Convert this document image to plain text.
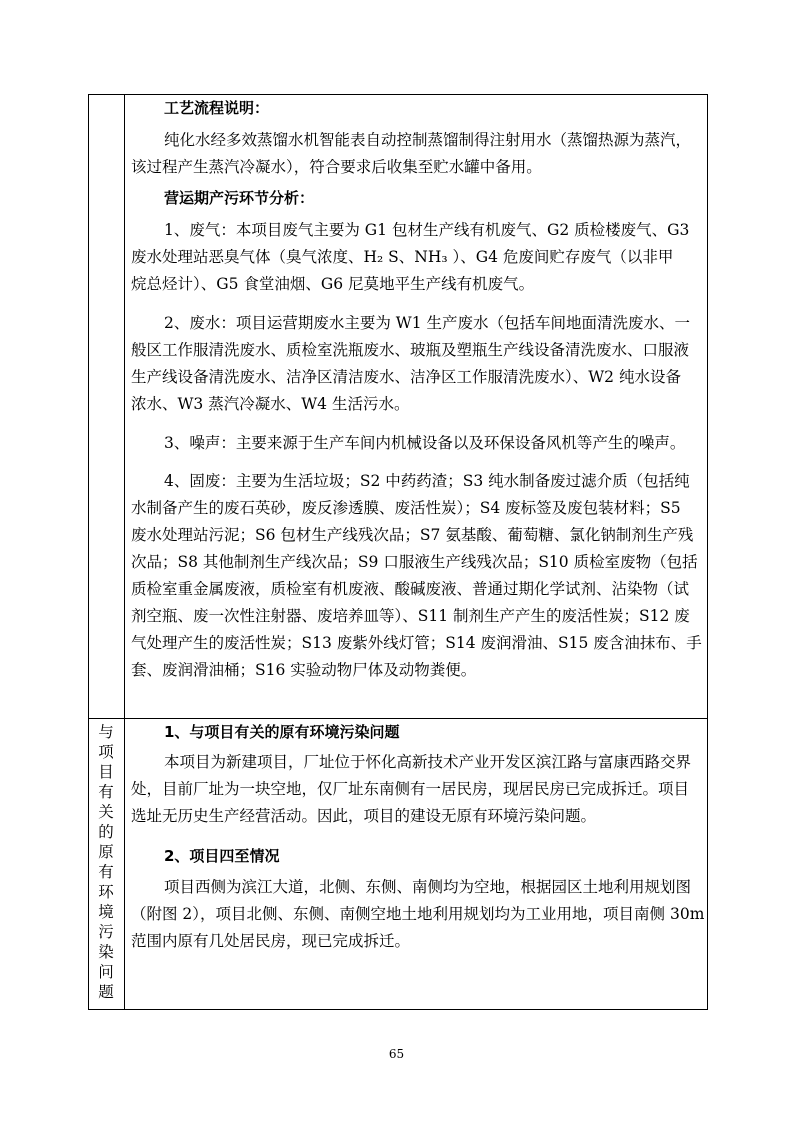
工艺流程说明：
纯化水经多效蒸馏水机智能表自动控制蒸馏制得注射用水（蒸馏热源为蒸汽，
该过程产生蒸汽冷凝水），符合要求后收集至贮水罐中备用。
营运期产污环节分析：
1、废气：本项目废气主要为 G1 包材生产线有机废气、G2 质检楼废气、G3
废水处理站恶臭气体（臭气浓度、H₂ S、NH₃ ）、G4 危废间贮存废气（以非甲
烷总烃计）、G5 食堂油烟、G6 尼莫地平生产线有机废气。
2、废水：项目运营期废水主要为 W1 生产废水（包括车间地面清洗废水、一
般区工作服清洗废水、质检室洗瓶废水、玻瓶及塑瓶生产线设备清洗废水、口服液
生产线设备清洗废水、洁净区清洁废水、洁净区工作服清洗废水）、W2 纯水设备
浓水、W3 蒸汽冷凝水、W4 生活污水。
3、噪声：主要来源于生产车间内机械设备以及环保设备风机等产生的噪声。
4、固废：主要为生活垃圾；S2 中药药渣；S3 纯水制备废过滤介质（包括纯
水制备产生的废石英砂，废反渗透膜、废活性炭）；S4 废标签及废包装材料；S5
废水处理站污泥；S6 包材生产线残次品；S7 氨基酸、葡萄糖、氯化钠制剂生产残
次品；S8 其他制剂生产线次品；S9 口服液生产线残次品；S10 质检室废物（包括
质检室重金属废液，质检室有机废液、酸碱废液、普通过期化学试剂、沾染物（试
剂空瓶、废一次性注射器、废培养皿等）、S11 制剂生产产生的废活性炭；S12 废
气处理产生的废活性炭；S13 废紫外线灯管；S14 废润滑油、S15 废含油抹布、手
套、废润滑油桶；S16 实验动物尸体及动物粪便。
与
项
目
有
关
的
原
有
环
境
污
染
问
题
1、与项目有关的原有环境污染问题
本项目为新建项目，厂址位于怀化高新技术产业开发区滨江路与富康西路交界
处，目前厂址为一块空地，仅厂址东南侧有一居民房，现居民房已完成拆迁。项目
选址无历史生产经营活动。因此，项目的建设无原有环境污染问题。
2、项目四至情况
项目西侧为滨江大道，北侧、东侧、南侧均为空地，根据园区土地利用规划图
（附图 2），项目北侧、东侧、南侧空地土地利用规划均为工业用地，项目南侧 30m
范围内原有几处居民房，现已完成拆迁。
65
